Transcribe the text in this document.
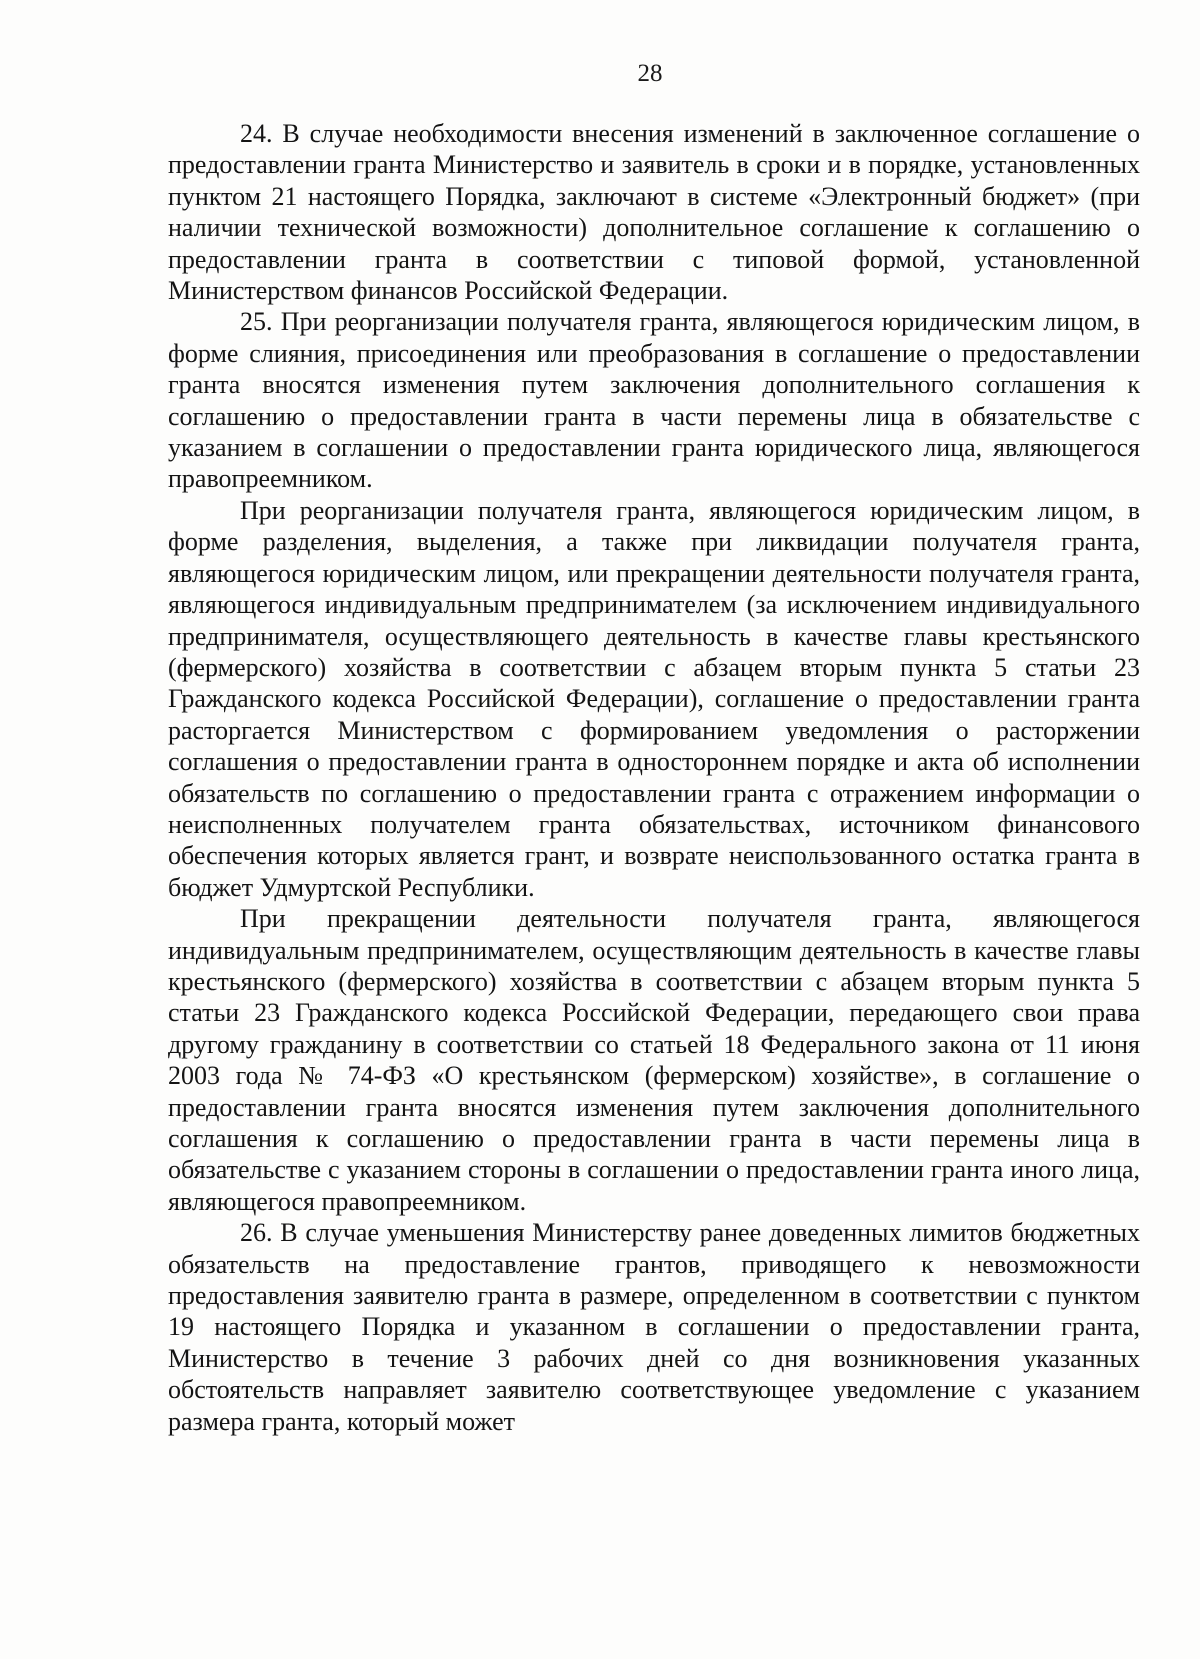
28

24. В случае необходимости внесения изменений в заключенное соглашение о предоставлении гранта Министерство и заявитель в сроки и в порядке, установленных пунктом 21 настоящего Порядка, заключают в системе «Электронный бюджет» (при наличии технической возможности) дополнительное соглашение к соглашению о предоставлении гранта в соответствии с типовой формой, установленной Министерством финансов Российской Федерации.

25. При реорганизации получателя гранта, являющегося юридическим лицом, в форме слияния, присоединения или преобразования в соглашение о предоставлении гранта вносятся изменения путем заключения дополнительного соглашения к соглашению о предоставлении гранта в части перемены лица в обязательстве с указанием в соглашении о предоставлении гранта юридического лица, являющегося правопреемником.

При реорганизации получателя гранта, являющегося юридическим лицом, в форме разделения, выделения, а также при ликвидации получателя гранта, являющегося юридическим лицом, или прекращении деятельности получателя гранта, являющегося индивидуальным предпринимателем (за исключением индивидуального предпринимателя, осуществляющего деятельность в качестве главы крестьянского (фермерского) хозяйства в соответствии с абзацем вторым пункта 5 статьи 23 Гражданского кодекса Российской Федерации), соглашение о предоставлении гранта расторгается Министерством с формированием уведомления о расторжении соглашения о предоставлении гранта в одностороннем порядке и акта об исполнении обязательств по соглашению о предоставлении гранта с отражением информации о неисполненных получателем гранта обязательствах, источником финансового обеспечения которых является грант, и возврате неиспользованного остатка гранта в бюджет Удмуртской Республики.

При прекращении деятельности получателя гранта, являющегося индивидуальным предпринимателем, осуществляющим деятельность в качестве главы крестьянского (фермерского) хозяйства в соответствии с абзацем вторым пункта 5 статьи 23 Гражданского кодекса Российской Федерации, передающего свои права другому гражданину в соответствии со статьей 18 Федерального закона от 11 июня 2003 года № 74-ФЗ «О крестьянском (фермерском) хозяйстве», в соглашение о предоставлении гранта вносятся изменения путем заключения дополнительного соглашения к соглашению о предоставлении гранта в части перемены лица в обязательстве с указанием стороны в соглашении о предоставлении гранта иного лица, являющегося правопреемником.

26. В случае уменьшения Министерству ранее доведенных лимитов бюджетных обязательств на предоставление грантов, приводящего к невозможности предоставления заявителю гранта в размере, определенном в соответствии с пунктом 19 настоящего Порядка и указанном в соглашении о предоставлении гранта, Министерство в течение 3 рабочих дней со дня возникновения указанных обстоятельств направляет заявителю соответствующее уведомление с указанием размера гранта, который может
